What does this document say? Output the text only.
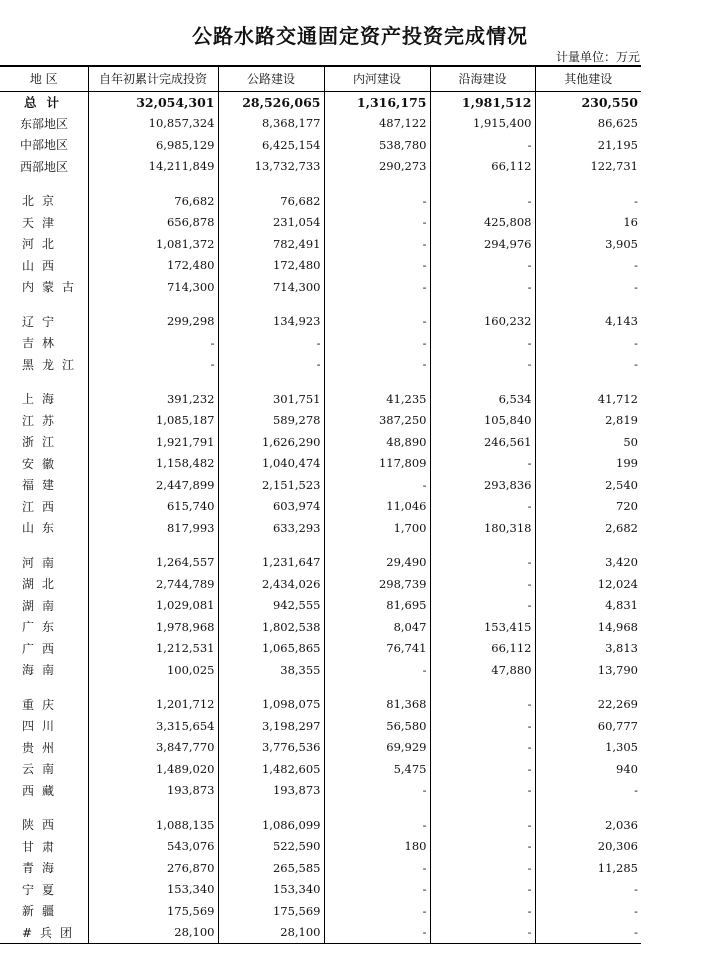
公路水路交通固定资产投资完成情况
计量单位：万元
地 区	自年初累计完成投资	公路建设	内河建设	沿海建设	其他建设
总计	32,054,301	28,526,065	1,316,175	1,981,512	230,550
东部地区	10,857,324	8,368,177	487,122	1,915,400	86,625
中部地区	6,985,129	6,425,154	538,780	-	21,195
西部地区	14,211,849	13,732,733	290,273	66,112	122,731

北京	76,682	76,682	-	-	-
天津	656,878	231,054	-	425,808	16
河北	1,081,372	782,491	-	294,976	3,905
山西	172,480	172,480	-	-	-
内蒙古	714,300	714,300	-	-	-

辽宁	299,298	134,923	-	160,232	4,143
吉林	-	-	-	-	-
黑龙江	-	-	-	-	-

上海	391,232	301,751	41,235	6,534	41,712
江苏	1,085,187	589,278	387,250	105,840	2,819
浙江	1,921,791	1,626,290	48,890	246,561	50
安徽	1,158,482	1,040,474	117,809	-	199
福建	2,447,899	2,151,523	-	293,836	2,540
江西	615,740	603,974	11,046	-	720
山东	817,993	633,293	1,700	180,318	2,682

河南	1,264,557	1,231,647	29,490	-	3,420
湖北	2,744,789	2,434,026	298,739	-	12,024
湖南	1,029,081	942,555	81,695	-	4,831
广东	1,978,968	1,802,538	8,047	153,415	14,968
广西	1,212,531	1,065,865	76,741	66,112	3,813
海南	100,025	38,355	-	47,880	13,790

重庆	1,201,712	1,098,075	81,368	-	22,269
四川	3,315,654	3,198,297	56,580	-	60,777
贵州	3,847,770	3,776,536	69,929	-	1,305
云南	1,489,020	1,482,605	5,475	-	940
西藏	193,873	193,873	-	-	-

陕西	1,088,135	1,086,099	-	-	2,036
甘肃	543,076	522,590	180	-	20,306
青海	276,870	265,585	-	-	11,285
宁夏	153,340	153,340	-	-	-
新疆	175,569	175,569	-	-	-
#兵团	28,100	28,100	-	-	-
